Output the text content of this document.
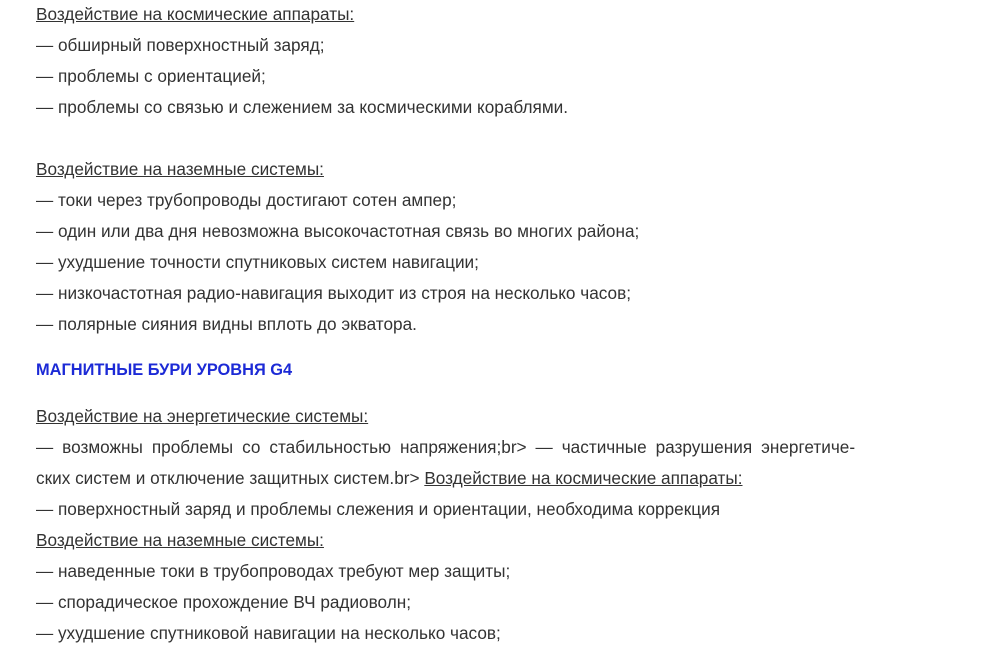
Воздействие на космические аппараты:
— обширный поверхностный заряд;
— проблемы с ориентацией;
— проблемы со связью и слежением за космическими кораблями.
Воздействие на наземные системы:
— токи через трубопроводы достигают сотен ампер;
— один или два дня невозможна высокочастотная связь во многих района;
— ухудшение точности спутниковых систем навигации;
— низкочастотная радио-навигация выходит из строя на несколько часов;
— полярные сияния видны вплоть до экватора.
МАГНИТНЫЕ БУРИ УРОВНЯ G4
Воздействие на энергетические системы:
— возможны проблемы со стабильностью напряжения;br> — частичные разрушения энергетиче-
ских систем и отключение защитных систем.br> Воздействие на космические аппараты:
— поверхностный заряд и проблемы слежения и ориентации, необходима коррекция
Воздействие на наземные системы:
— наведенные токи в трубопроводах требуют мер защиты;
— спорадическое прохождение ВЧ радиоволн;
— ухудшение спутниковой навигации на несколько часов;
